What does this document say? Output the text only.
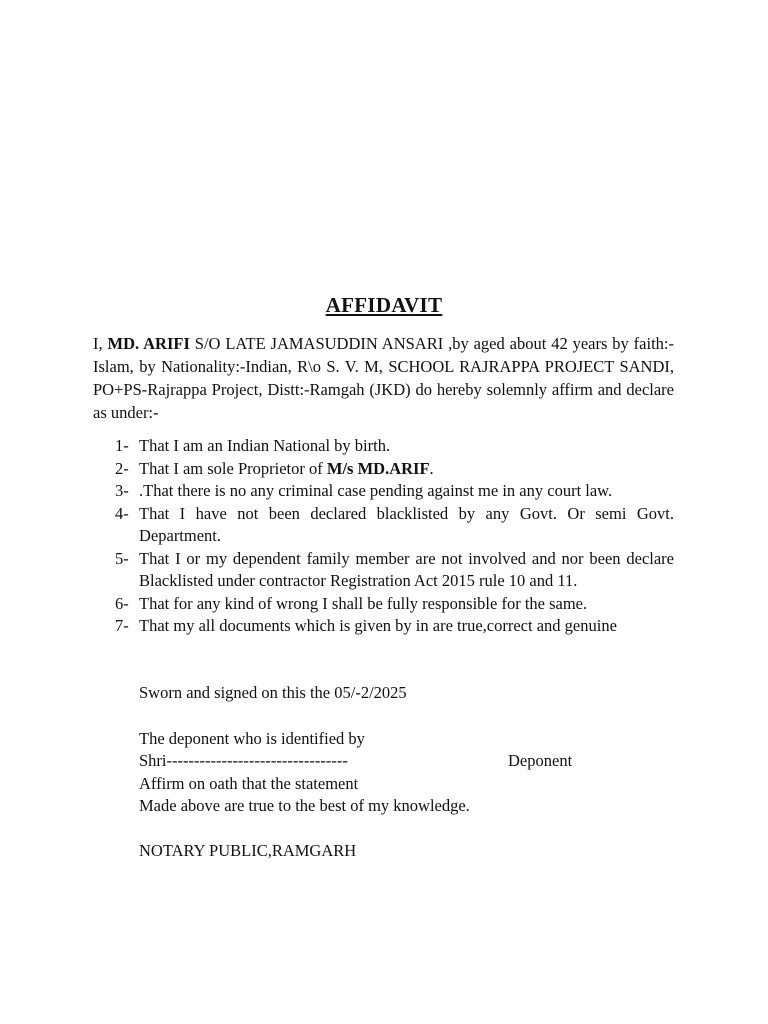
AFFIDAVIT
I, MD. ARIFI S/O LATE JAMASUDDIN ANSARI ,by aged about 42 years by faith:-Islam, by Nationality:-Indian, R\o S. V. M, SCHOOL RAJRAPPA PROJECT SANDI, PO+PS-Rajrappa Project, Distt:-Ramgah (JKD) do hereby solemnly affirm and declare as under:-
1- That I am an Indian National by birth.
2- That I am sole Proprietor of M/s MD.ARIF.
3- .That there is no any criminal case pending against me in any court law.
4- That I have not been declared blacklisted by any Govt. Or semi Govt. Department.
5- That I or my dependent family member are not involved and nor been declare Blacklisted under contractor Registration Act 2015 rule 10 and 11.
6- That for any kind of wrong I shall be fully responsible for the same.
7- That my all documents which is given by in are true,correct and genuine
Sworn and signed on this the 05/-2/2025
The deponent who is identified by
Shri---------------------------------	Deponent
Affirm on oath that the statement
Made above are true to the best of my knowledge.
NOTARY PUBLIC,RAMGARH
